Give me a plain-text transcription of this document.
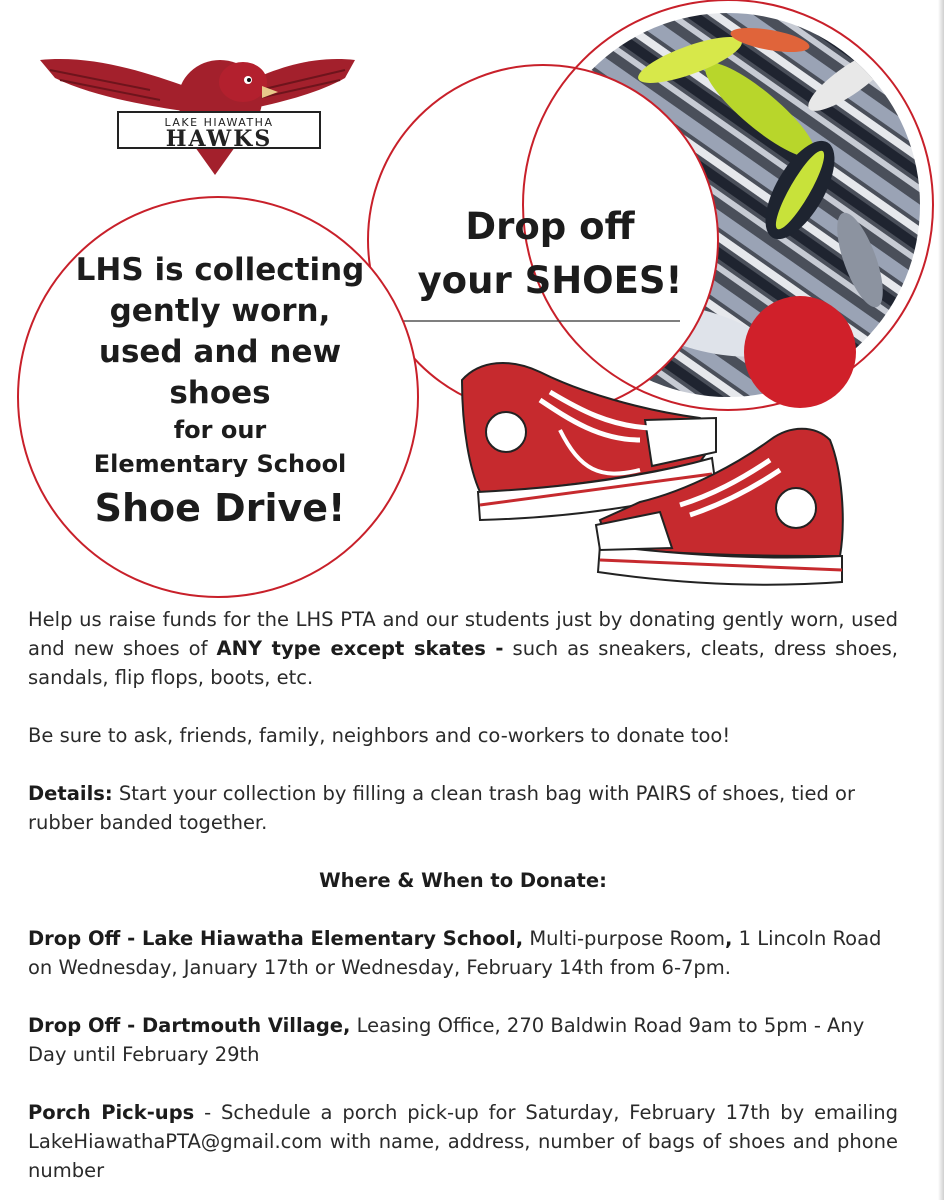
LAKE HIAWATHA
HAWKS
Drop off
your SHOES!
LHS is collecting
gently worn,
used and new
shoes
for our
Elementary School
Shoe Drive!

Help us raise funds for the LHS PTA and our students just by donating gently worn, used and new shoes of ANY type except skates - such as sneakers, cleats, dress shoes, sandals, flip flops, boots, etc.

Be sure to ask, friends, family, neighbors and co-workers to donate too!

Details: Start your collection by filling a clean trash bag with PAIRS of shoes, tied or rubber banded together.

Where & When to Donate:

Drop Off - Lake Hiawatha Elementary School, Multi-purpose Room, 1 Lincoln Road on Wednesday, January 17th or Wednesday, February 14th from 6-7pm.

Drop Off - Dartmouth Village, Leasing Office, 270 Baldwin Road 9am to 5pm - Any Day until February 29th

Porch Pick-ups - Schedule a porch pick-up for Saturday, February 17th by emailing LakeHiawathaPTA@gmail.com with name, address, number of bags of shoes and phone number
